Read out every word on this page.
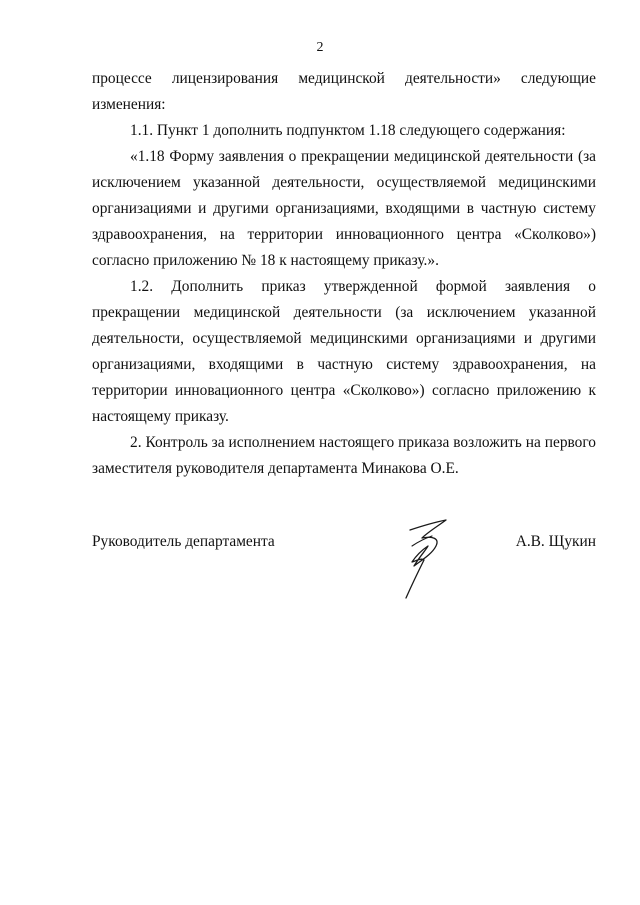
2

процессе лицензирования медицинской деятельности» следующие изменения:

1.1. Пункт 1 дополнить подпунктом 1.18 следующего содержания:

«1.18 Форму заявления о прекращении медицинской деятельности (за исключением указанной деятельности, осуществляемой медицинскими организациями и другими организациями, входящими в частную систему здравоохранения, на территории инновационного центра «Сколково») согласно приложению № 18 к настоящему приказу.».

1.2. Дополнить приказ утвержденной формой заявления о прекращении медицинской деятельности (за исключением указанной деятельности, осуществляемой медицинскими организациями и другими организациями, входящими в частную систему здравоохранения, на территории инновационного центра «Сколково») согласно приложению к настоящему приказу.

2. Контроль за исполнением настоящего приказа возложить на первого заместителя руководителя департамента Минакова О.Е.

Руководитель департамента	А.В. Щукин
